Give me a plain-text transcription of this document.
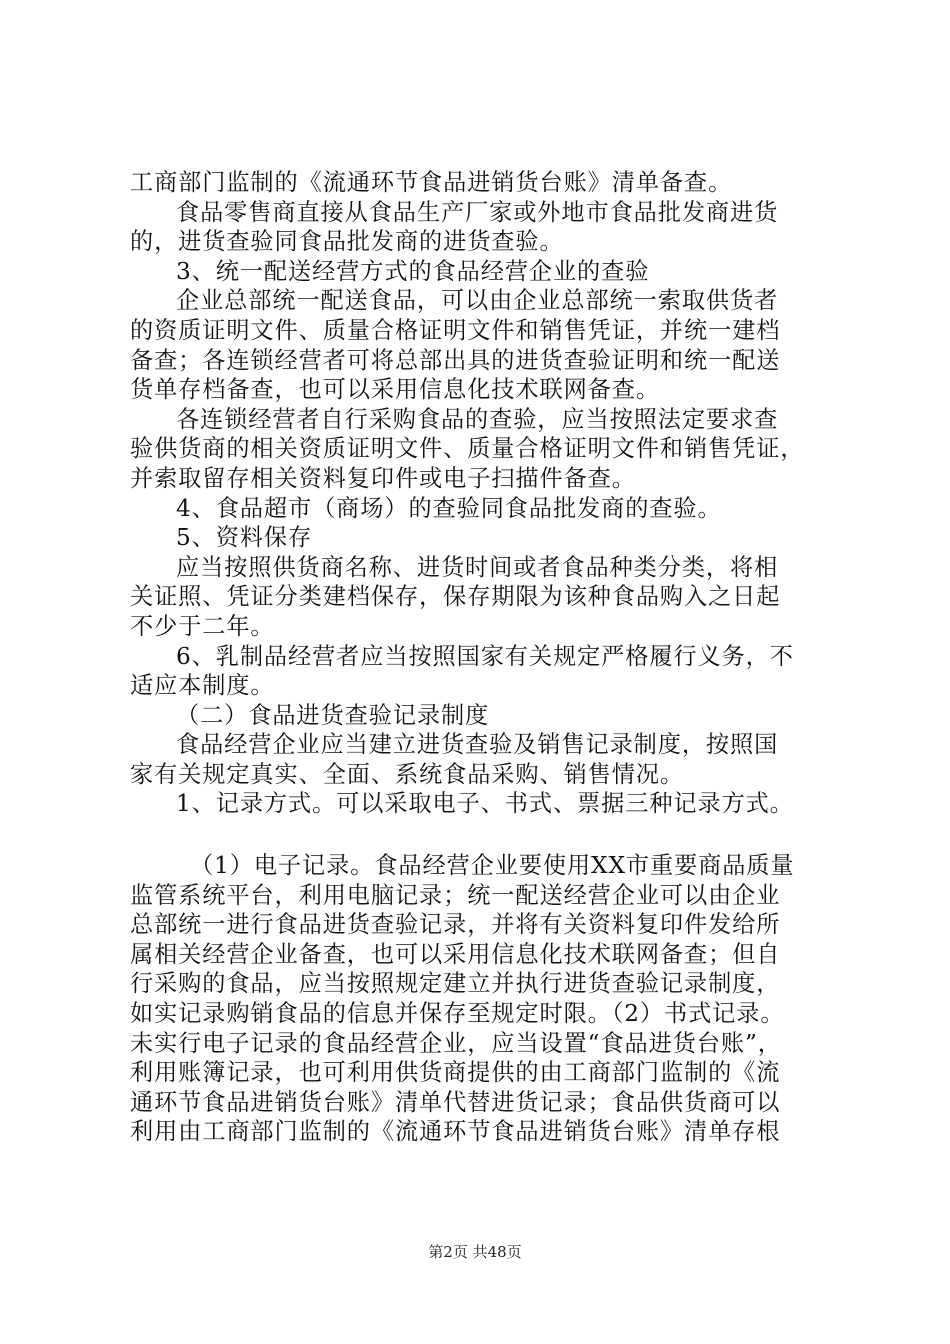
工商部门监制的《流通环节食品进销货台账》清单备查。
食品零售商直接从食品生产厂家或外地市食品批发商进货
的，进货查验同食品批发商的进货查验。
3、统一配送经营方式的食品经营企业的查验
企业总部统一配送食品，可以由企业总部统一索取供货者
的资质证明文件、质量合格证明文件和销售凭证，并统一建档
备查；各连锁经营者可将总部出具的进货查验证明和统一配送
货单存档备查，也可以采用信息化技术联网备查。
各连锁经营者自行采购食品的查验，应当按照法定要求查
验供货商的相关资质证明文件、质量合格证明文件和销售凭证，
并索取留存相关资料复印件或电子扫描件备查。
4、食品超市（商场）的查验同食品批发商的查验。
5、资料保存
应当按照供货商名称、进货时间或者食品种类分类，将相
关证照、凭证分类建档保存，保存期限为该种食品购入之日起
不少于二年。
6、乳制品经营者应当按照国家有关规定严格履行义务，不
适应本制度。
（二）食品进货查验记录制度
食品经营企业应当建立进货查验及销售记录制度，按照国
家有关规定真实、全面、系统食品采购、销售情况。
1、记录方式。可以采取电子、书式、票据三种记录方式。
（1）电子记录。食品经营企业要使用XX市重要商品质量
监管系统平台，利用电脑记录；统一配送经营企业可以由企业
总部统一进行食品进货查验记录，并将有关资料复印件发给所
属相关经营企业备查，也可以采用信息化技术联网备查；但自
行采购的食品，应当按照规定建立并执行进货查验记录制度，
如实记录购销食品的信息并保存至规定时限。（2）书式记录。
未实行电子记录的食品经营企业，应当设置“食品进货台账”，
利用账簿记录，也可利用供货商提供的由工商部门监制的《流
通环节食品进销货台账》清单代替进货记录；食品供货商可以
利用由工商部门监制的《流通环节食品进销货台账》清单存根
第2页 共48页
